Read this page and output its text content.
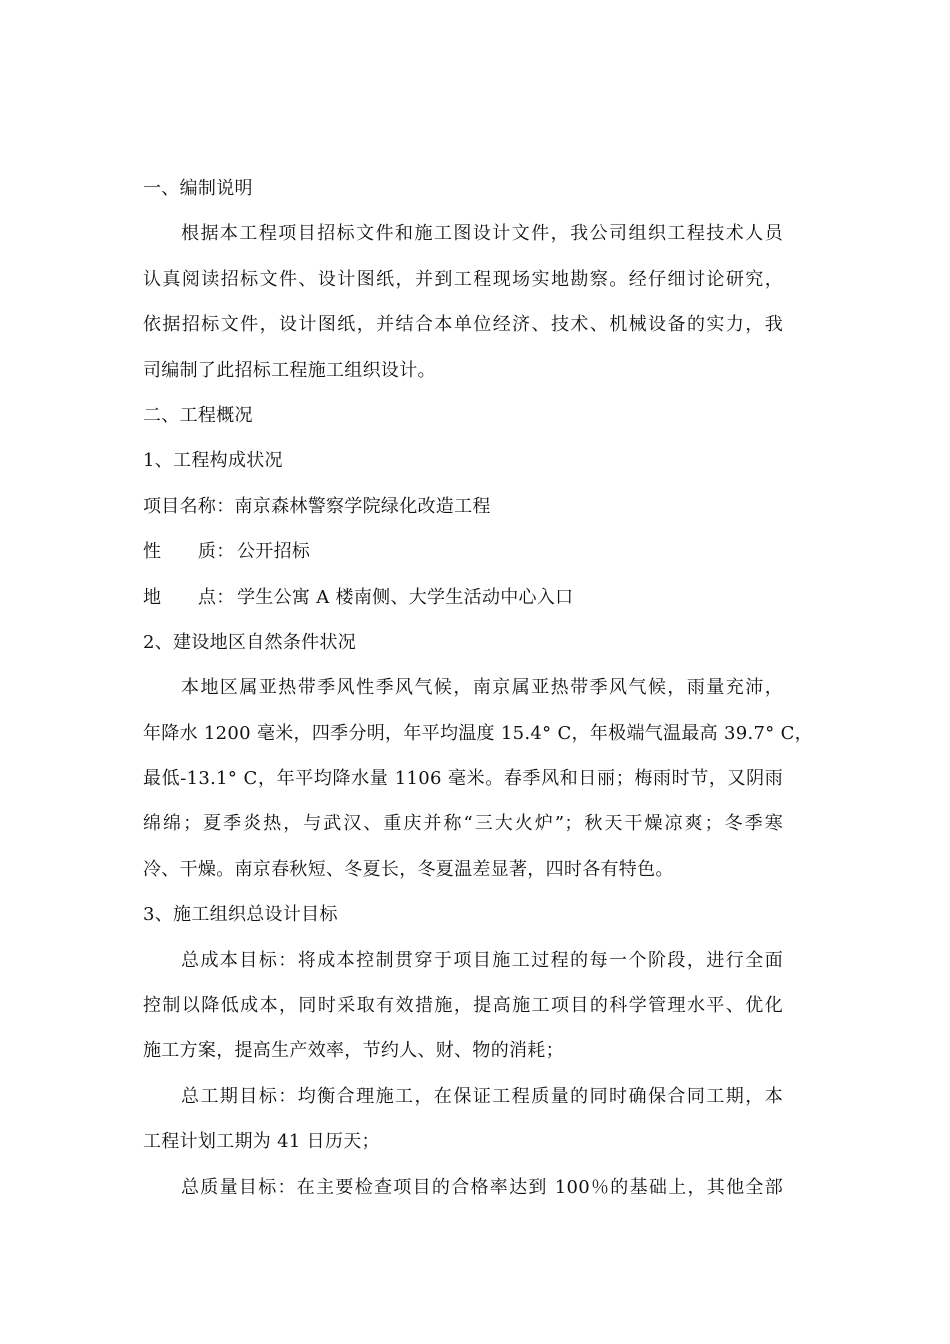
一、编制说明
根据本工程项目招标文件和施工图设计文件，我公司组织工程技术人员
认真阅读招标文件、设计图纸，并到工程现场实地勘察。经仔细讨论研究，
依据招标文件，设计图纸，并结合本单位经济、技术、机械设备的实力，我
司编制了此招标工程施工组织设计。
二、工程概况
1、工程构成状况
项目名称：南京森林警察学院绿化改造工程
性　　质： 公开招标
地　　点： 学生公寓 A 楼南侧、大学生活动中心入口
2、建设地区自然条件状况
本地区属亚热带季风性季风气候，南京属亚热带季风气候，雨量充沛，
年降水 1200 毫米，四季分明，年平均温度 15.4° C，年极端气温最高 39.7° C，
最低-13.1° C，年平均降水量 1106 毫米。春季风和日丽；梅雨时节，又阴雨
绵绵；夏季炎热，与武汉、重庆并称“三大火炉”；秋天干燥凉爽；冬季寒
冷、干燥。南京春秋短、冬夏长，冬夏温差显著，四时各有特色。
3、施工组织总设计目标
总成本目标：将成本控制贯穿于项目施工过程的每一个阶段，进行全面
控制以降低成本，同时采取有效措施，提高施工项目的科学管理水平、优化
施工方案，提高生产效率，节约人、财、物的消耗；
总工期目标：均衡合理施工，在保证工程质量的同时确保合同工期，本
工程计划工期为 41 日历天；
总质量目标：在主要检查项目的合格率达到 100％的基础上，其他全部
